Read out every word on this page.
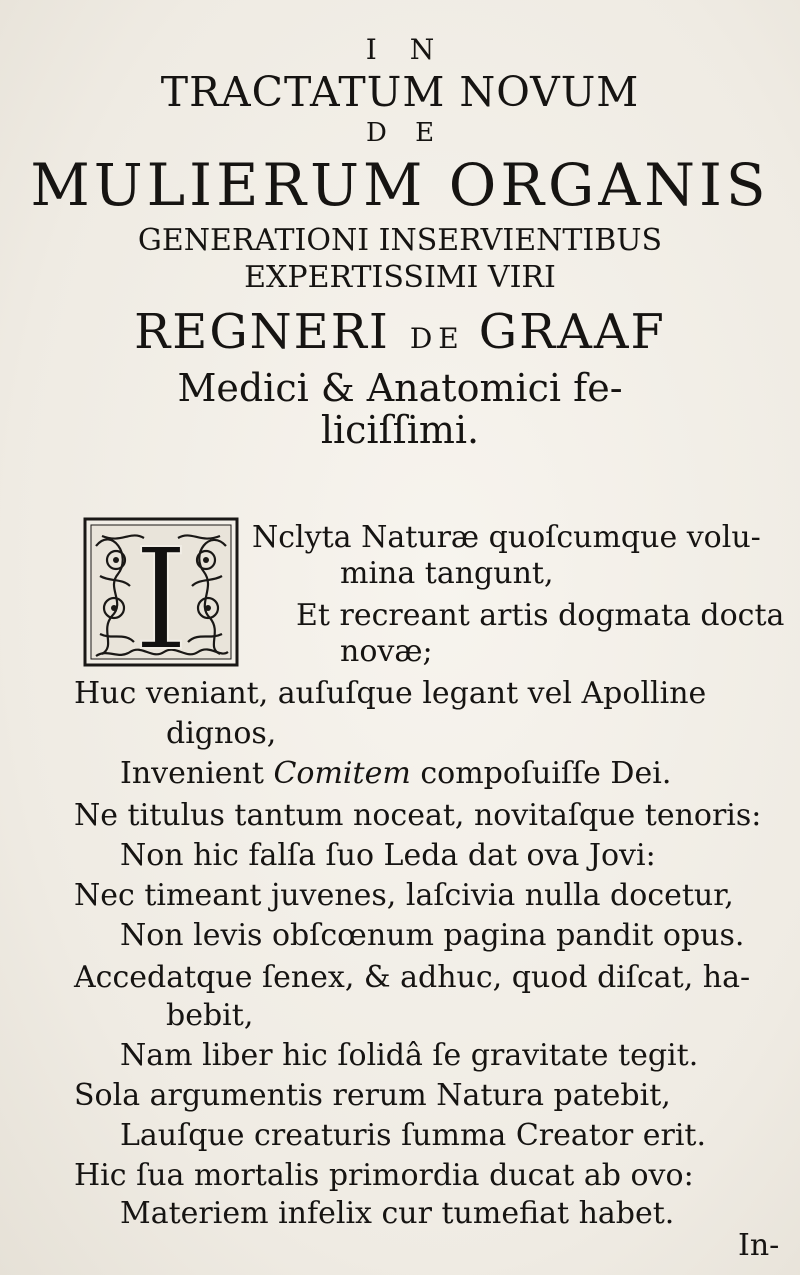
I N
TRACTATUM NOVUM
D E
MULIERUM ORGANIS
GENERATIONI INSERVIENTIBUS
EXPERTISSIMI VIRI
REGNERI DE GRAAF
Medici & Anatomici fe-
liciſſimi.
I Nclyta Naturæ quoſcumque volu-
mina tangunt,
Et recreant artis dogmata docta
novæ;
Huc veniant, auſuſque legant vel Apolline
dignos,
Invenient Comitem compoſuiſſe Dei.
Ne titulus tantum noceat, novitaſque tenoris:
Non hic falſa ſuo Leda dat ova Jovi:
Nec timeant juvenes, laſcivia nulla docetur,
Non levis obſcœnum pagina pandit opus.
Accedatque ſenex, & adhuc, quod diſcat, ha-
bebit,
Nam liber hic ſolidâ ſe gravitate tegit.
Sola argumentis rerum Natura patebit,
Lauſque creaturis ſumma Creator erit.
Hic ſua mortalis primordia ducat ab ovo:
Materiem infelix cur tumefiat habet.
In-
